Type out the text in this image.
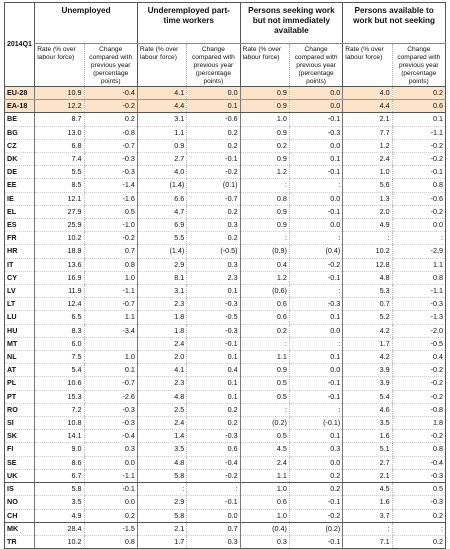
2014Q1	Unemployed		Underemployed part-time workers		Persons seeking work but not immediately available		Persons available to work but not seeking	
	Rate (% over labour force)	Change compared with previous year (percentage points)	Rate (% over labour force)	Change compared with previous year (percentage points)	Rate (% over labour force)	Change compared with previous year (percentage points)	Rate (% over labour force)	Change compared with previous year (percentage points)
EU-28	10.9	-0.4	4.1	0.0	0.9	0.0	4.0	0.2
EA-18	12.2	-0.2	4.4	0.1	0.9	0.0	4.4	0.6
BE	8.7	0.2	3.1	-0.6	1.0	-0.1	2.1	0.1
BG	13.0	-0.8	1.1	0.2	0.9	-0.3	7.7	-1.1
CZ	6.8	-0.7	0.9	0.2	0.2	0.0	1.2	-0.2
DK	7.4	-0.3	2.7	-0.1	0.9	0.1	2.4	-0.2
DE	5.5	-0.3	4.0	-0.2	1.2	-0.1	1.0	-0.1
EE	8.5	-1.4	(1.4)	(0.1)	:	:	5.6	0.8
IE	12.1	-1.6	6.6	-0.7	0.8	0.0	1.3	-0.6
EL	27.9	0.5	4.7	0.2	0.9	-0.1	2.0	-0.2
ES	25.9	-1.0	6.9	0.3	0.9	0.0	4.9	0.0
FR	10.2	-0.2	5.5	0.2	:	:	:	:
HR	18.9	0.7	(1.4)	(-0.5)	(0.9)	(0.4)	10.2	-2.9
IT	13.6	0.8	2.9	0.3	0.4	-0.2	12.8	1.1
CY	16.9	1.0	8.1	2.3	1.2	-0.1	4.8	0.8
LV	11.9	-1.1	3.1	0.1	(0.6)	:	5.3	-1.1
LT	12.4	-0.7	2.3	-0.3	0.6	-0.3	0.7	-0.3
LU	6.5	1.1	1.8	-0.5	0.6	0.1	5.2	-1.3
HU	8.3	-3.4	1.8	-0.3	0.2	0.0	4.2	-2.0
MT	6.0		2.4	-0.1	:	:	1.7	-0.5
NL	7.5	1.0	2.0	0.1	1.1	0.1	4.2	0.4
AT	5.4	0.1	4.1	0.4	0.9	0.0	3.9	-0.2
PL	10.6	-0.7	2.3	0.1	0.5	-0.1	3.9	-0.2
PT	15.3	-2.6	4.8	0.1	0.5	-0.1	5.4	-0.2
RO	7.2	-0.3	2.5	0.2	:	:	4.6	-0.8
SI	10.8	-0.3	2.4	0.2	(0.2)	(-0.1)	3.5	1.8
SK	14.1	-0.4	1.4	-0.3	0.5	0.1	1.6	-0.2
FI	9.0	0.3	3.5	0.6	4.5	0.3	5.1	0.8
SE	8.6	0.0	4.8	-0.4	2.4	0.0	2.7	-0.4
UK	6.7	-1.1	5.8	-0.2	1.1	0.2	2.1	-0.3
IS	5.8	-0.1	:	:	1.0	0.2	4.5	0.5
NO	3.5	0.0	2.9	-0.1	0.6	-0.1	1.6	-0.3
CH	4.9	0.2	5.8	0.0	1.0	-0.2	3.7	0.2
MK	28.4	-1.5	2.1	0.7	(0.4)	(0.2)	:	:
TR	10.2	0.8	1.7	0.3	0.3	-0.1	7.1	0.2
